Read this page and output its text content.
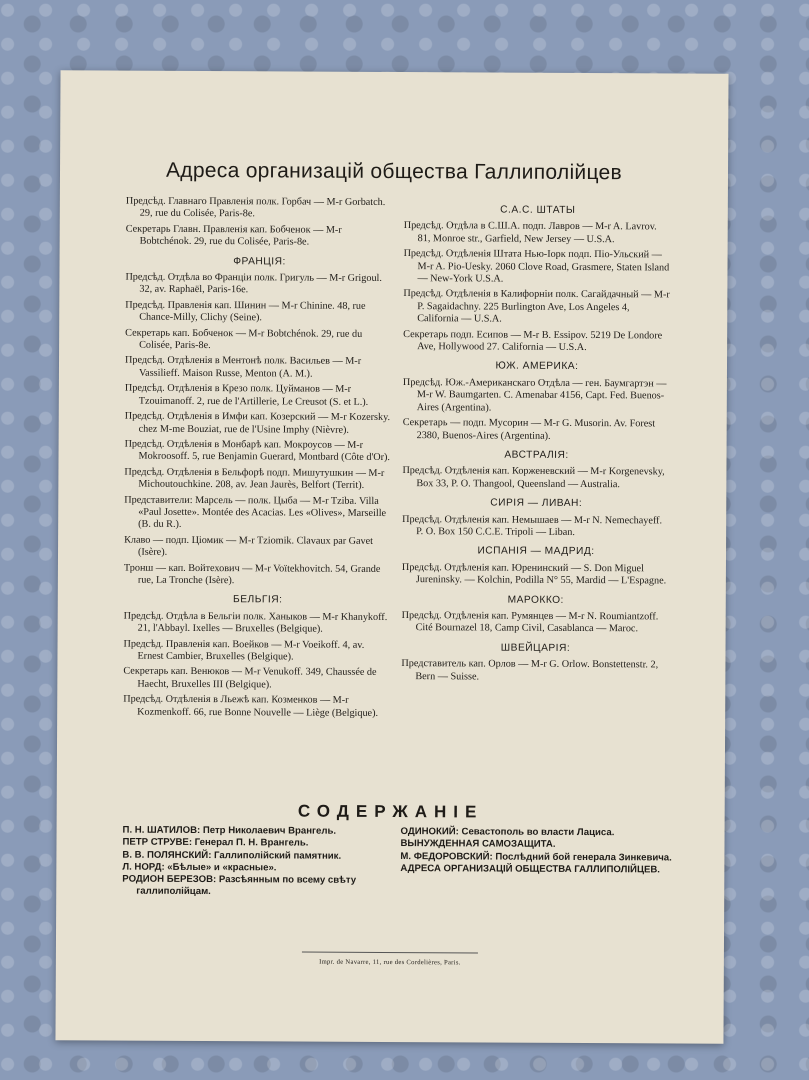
Адреса организацій общества Галлиполійцев
Предсѣд. Главнаго Правленія полк. Горбач — M-r Gorbatch. 29, rue du Colisée, Paris-8e.
Секретарь Главн. Правленія кап. Бобченок — M-r Bobtchénok. 29, rue du Colisée, Paris-8e.
ФРАНЦІЯ:
Предсѣд. Отдѣла во Франціи полк. Григуль — M-r Grigoul. 32, av. Raphaël, Paris-16e.
Предсѣд. Правленія кап. Шинин — M-r Chinine. 48, rue Chance-Milly, Clichy (Seine).
Секретарь кап. Бобченок — M-r Bobtchénok. 29, rue du Colisée, Paris-8e.
Предсѣд. Отдѣленія в Ментонѣ полк. Васильев — M-r Vassilieff. Maison Russe, Menton (A. M.).
Предсѣд. Отдѣленія в Крезо полк. Цуйманов — M-r Tzouimanoff. 2, rue de l'Artillerie, Le Creusot (S. et L.).
Предсѣд. Отдѣленія в Имфи кап. Козерский — M-r Kozersky. chez M-me Bouziat, rue de l'Usine Imphy (Nièvre).
Предсѣд. Отдѣленія в Монбарѣ кап. Мокроусов — M-r Mokroosoff. 5, rue Benjamin Guerard, Montbard (Côte d'Or).
Предсѣд. Отдѣленія в Бельфорѣ подп. Мишутушкин — M-r Michoutouchkine. 208, av. Jean Jaurès, Belfort (Territ).
Представители: Марсель — полк. Цыба — M-r Tziba. Villa «Paul Josette». Montée des Acacias. Les «Olives», Marseille (B. du R.).
Клаво — подп. Ціомик — M-r Tziomik. Clavaux par Gavet (Isère).
Тронш — кап. Войтехович — M-r Voïtekhovitch. 54, Grande rue, La Tronche (Isère).
БЕЛЬГІЯ:
Предсѣд. Отдѣла в Бельгіи полк. Ханыков — M-r Khanykoff. 21, l'Abbayl. Ixelles — Bruxelles (Belgique).
Предсѣд. Правленія кап. Воейков — M-r Voeikoff. 4, av. Ernest Cambier, Bruxelles (Belgique).
Секретарь кап. Венюков — M-r Venukoff. 349, Chaussée de Haecht, Bruxelles III (Belgique).
Предсѣд. Отдѣленія в Льежѣ кап. Козменков — M-r Kozmenkoff. 66, rue Bonne Nouvelle — Liège (Belgique).
С.А.С. ШТАТЫ
Предсѣд. Отдѣла в С.Ш.А. подп. Лавров — M-r A. Lavrov. 81, Monroe str., Garfield, New Jersey — U.S.A.
Предсѣд. Отдѣленія Штата Нью-Іорк подп. Піо-Ульский — M-r A. Pio-Uesky. 2060 Clove Road, Grasmere, Staten Island — New-York U.S.A.
Предсѣд. Отдѣленія в Калифорніи полк. Сагайдачный — M-r P. Sagaidachny. 225 Burlington Ave, Los Angeles 4, California — U.S.A.
Секретарь подп. Есипов — M-r B. Essipov. 5219 De Londore Ave, Hollywood 27. California — U.S.A.
ЮЖ. АМЕРИКА:
Предсѣд. Юж.-Американскаго Отдѣла — ген. Баумгартэн — M-r W. Baumgarten. C. Amenabar 4156, Capt. Fed. Buenos-Aires (Argentina).
Секретарь — подп. Мусорин — M-r G. Musorin. Av. Forest 2380, Buenos-Aires (Argentina).
АВСТРАЛІЯ:
Предсѣд. Отдѣленія кап. Корженевский — M-r Korgenevsky, Box 33, P. O. Thangool, Queensland — Australia.
СИРІЯ — ЛИВАН:
Предсѣд. Отдѣленія кап. Немышаев — M-r N. Nemechayeff. P. O. Box 150 C.C.E. Tripoli — Liban.
ИСПАНІЯ — МАДРИД:
Предсѣд. Отдѣленія кап. Юренинский — S. Don Miguel Jureninsky. — Kolchin, Podilla N° 55, Mardid — L'Espagne.
МАРОККО:
Предсѣд. Отдѣленія кап. Румянцев — M-r N. Roumiantzoff. Cité Bournazel 18, Camp Civil, Casablanca — Maroc.
ШВЕЙЦАРІЯ:
Представитель кап. Орлов — M-r G. Orlow. Bonstettenstr. 2, Bern — Suisse.
СОДЕРЖАНІЕ
П. Н. ШАТИЛОВ: Петр Николаевич Врангель.
ПЕТР СТРУВЕ: Генерал П. Н. Врангель.
В. В. ПОЛЯНСКИЙ: Галлиполійский памятник.
Л. НОРД: «Бѣлые» и «красные».
РОДИОН БЕРЕЗОВ: Разсѣянным по всему свѣту галлиполійцам.
ОДИНОКИЙ: Севастополь во власти Лациса.
ВЫНУЖДЕННАЯ САМОЗАЩИТА.
М. ФЕДОРОВСКИЙ: Послѣдний бой генерала Зинкевича.
АДРЕСА ОРГАНИЗАЦІЙ ОБЩЕСТВА ГАЛЛИПОЛІЙЦЕВ.
Impr. de Navarre, 11, rue des Cordelières, Paris.
